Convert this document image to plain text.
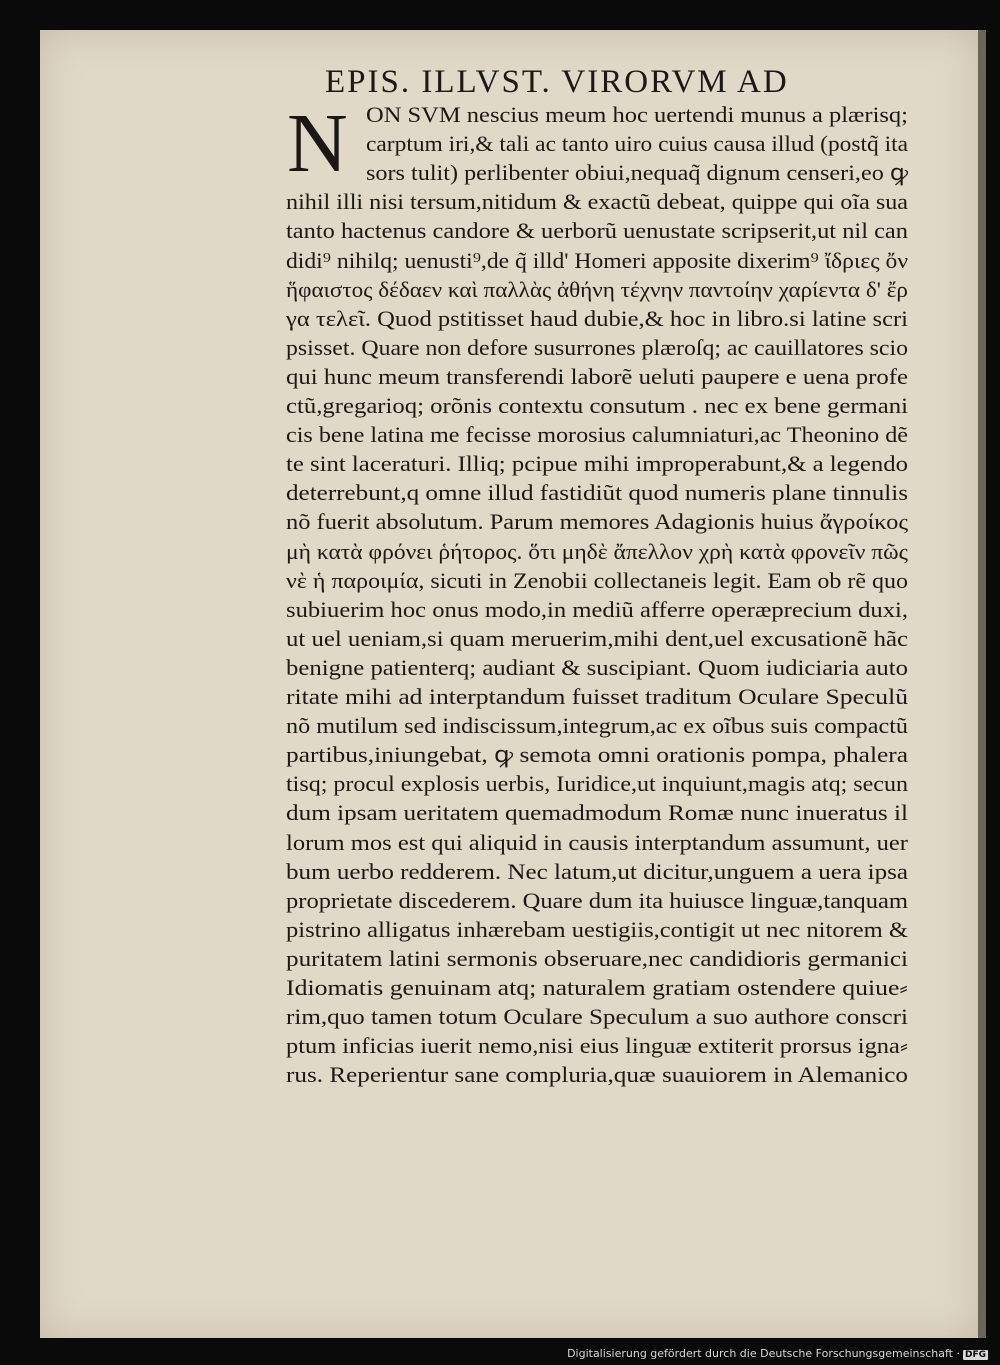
EPIS. ILLVST. VIRORVM AD
N ON SVM nescius meum hoc uertendi munus a plærisq;
carptum iri,& tali ac tanto uiro cuius causa illud (postq̃ ita
sors tulit) perlibenter obiui,nequaq̃ dignum censeri,eo ꝙ
nihil illi nisi tersum,nitidum & exactũ debeat, quippe qui oĩa sua
tanto hactenus candore & uerborũ uenustate scripserit,ut nil can
didi⁹ nihilq; uenusti⁹,de q̃ illd' Homeri apposite dixerim⁹ ἴδριες ὄν
ἥφαιστος δέδαεν καὶ παλλὰς ἀθήνη τέχνην παντοίην χαρίεντα δ' ἔρ
γα τελεῖ. Quod pstitisset haud dubie,& hoc in libro.si latine scri
psisset. Quare non defore susurrones plæroſq; ac cauillatores scio
qui hunc meum transferendi laborẽ ueluti paupere e uena profe
ctũ,gregarioq; orõnis contextu consutum . nec ex bene germani
cis bene latina me fecisse morosius calumniaturi,ac Theonino dẽ
te sint laceraturi. Illiq; pcipue mihi improperabunt,& a legendo
deterrebunt,q omne illud fastidiũt quod numeris plane tinnulis
nõ fuerit absolutum. Parum memores Adagionis huius ἄγροίκος
μὴ κατὰ φρόνει ῥήτορος. ὅτι μηδὲ ἄπελλον χρὴ κατὰ φρονεῖν πῶς
νὲ ἡ παροιμία, sicuti in Zenobii collectaneis legit. Eam ob rẽ quo
subiuerim hoc onus modo,in mediũ afferre operæprecium duxi,
ut uel ueniam,si quam meruerim,mihi dent,uel excusationẽ hãc
benigne patienterq; audiant & suscipiant. Quom iudiciaria auto
ritate mihi ad interptandum fuisset traditum Oculare Speculũ
nõ mutilum sed indiscissum,integrum,ac ex oĩbus suis compactũ
partibus,iniungebat, ꝙ semota omni orationis pompa, phalera
tisq; procul explosis uerbis, Iuridice,ut inquiunt,magis atq; secun
dum ipsam ueritatem quemadmodum Romæ nunc inueratus il
lorum mos est qui aliquid in causis interptandum assumunt, uer
bum uerbo redderem. Nec latum,ut dicitur,unguem a uera ipsa
proprietate discederem. Quare dum ita huiusce linguæ,tanquam
pistrino alligatus inhærebam uestigiis,contigit ut nec nitorem &
puritatem latini sermonis obseruare,nec candidioris germanici
Idiomatis genuinam atq; naturalem gratiam ostendere quiue⸗
rim,quo tamen totum Oculare Speculum a suo authore conscri
ptum inficias iuerit nemo,nisi eius linguæ extiterit prorsus igna⸗
rus. Reperientur sane compluria,quæ suauiorem in Alemanico
Digitalisierung gefördert durch die Deutsche Forschungsgemeinschaft · DFG
